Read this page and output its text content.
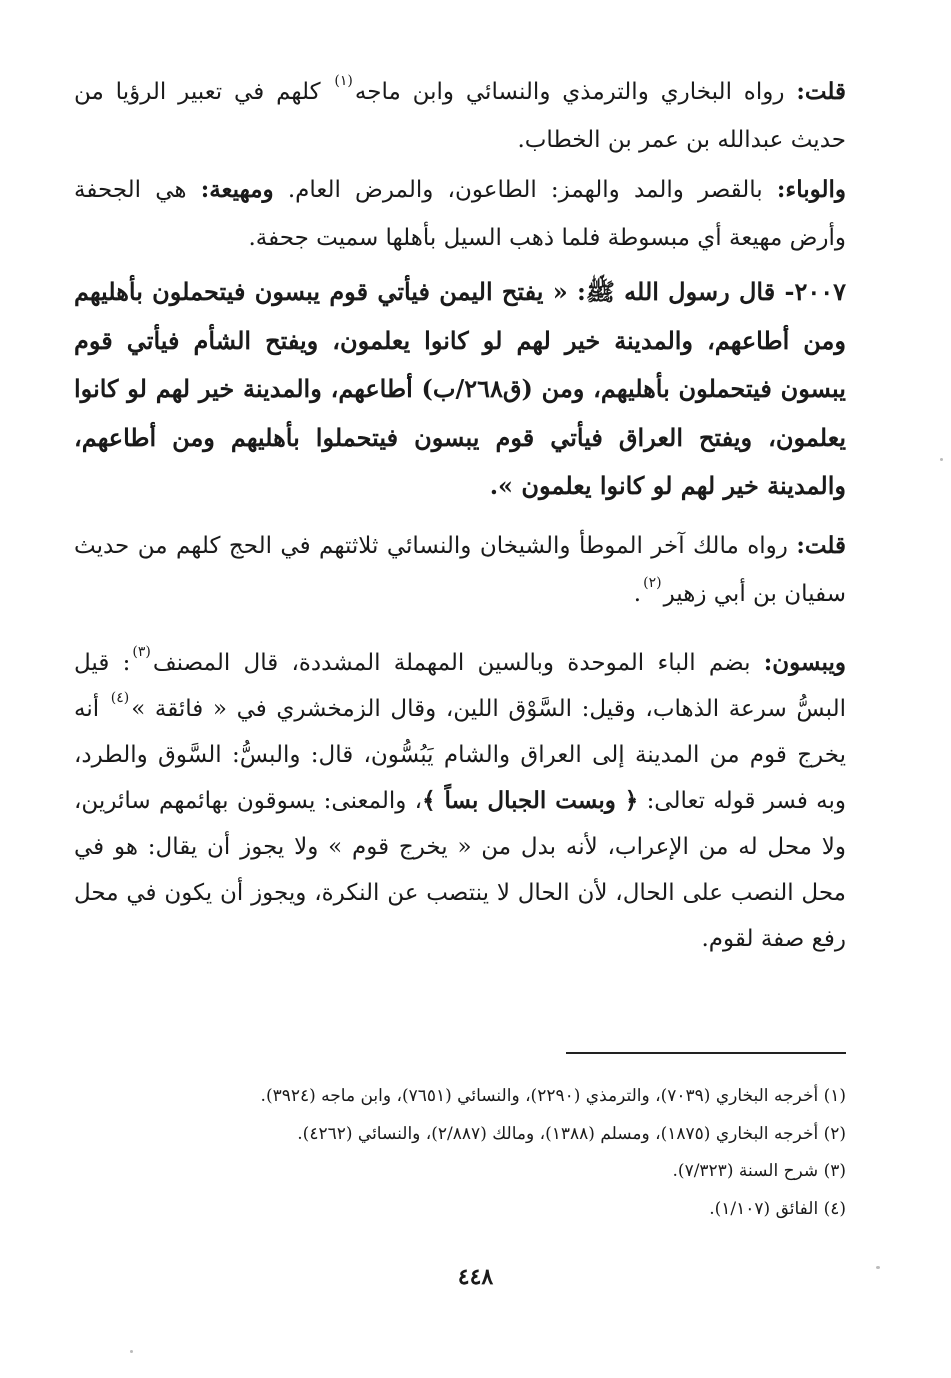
قلت: رواه البخاري والترمذي والنسائي وابن ماجه$^{(١)}$ كلهم في تعبير الرؤيا من حديث عبدالله بن عمر بن الخطاب.

والوباء: بالقصر والمد والهمز: الطاعون، والمرض العام. ومهيعة: هي الجحفة وأرض مهيعة أي مبسوطة فلما ذهب السيل بأهلها سميت جحفة.

٢٠٠٧- قال رسول الله ﷺ: « يفتح اليمن فيأتي قوم يبسون فيتحملون بأهليهم ومن أطاعهم، والمدينة خير لهم لو كانوا يعلمون، ويفتح الشأم فيأتي قوم يبسون فيتحملون بأهليهم، ومن (ق٢٦٨/ب) أطاعهم، والمدينة خير لهم لو كانوا يعلمون، ويفتح العراق فيأتي قوم يبسون فيتحملوا بأهليهم ومن أطاعهم، والمدينة خير لهم لو كانوا يعلمون ».

قلت: رواه مالك آخر الموطأ والشيخان والنسائي ثلاثتهم في الحج كلهم من حديث سفيان بن أبي زهير$^{(٢)}$.

ويبسون: بضم الباء الموحدة وبالسين المهملة المشددة، قال المصنف$^{(٣)}$: قيل البسُّ سرعة الذهاب، وقيل: السَّوْق اللين، وقال الزمخشري في « فائقة »$^{(٤)}$ أنه يخرج قوم من المدينة إلى العراق والشام يَبُسُّون، قال: والبسُّ: السَّوق والطرد، وبه فسر قوله تعالى: ﴿ وبست الجبال بساً ﴾، والمعنى: يسوقون بهائمهم سائرين، ولا محل له من الإعراب، لأنه بدل من « يخرج قوم » ولا يجوز أن يقال: هو في محل النصب على الحال، لأن الحال لا ينتصب عن النكرة، ويجوز أن يكون في محل رفع صفة لقوم.

(١) أخرجه البخاري (٧٠٣٩)، والترمذي (٢٢٩٠)، والنسائي (٧٦٥١)، وابن ماجه (٣٩٢٤).

(٢) أخرجه البخاري (١٨٧٥)، ومسلم (١٣٨٨)، ومالك (٢/٨٨٧)، والنسائي (٤٢٦٢).

(٣) شرح السنة (٧/٣٢٣).

(٤) الفائق (١/١٠٧).

٤٤٨
